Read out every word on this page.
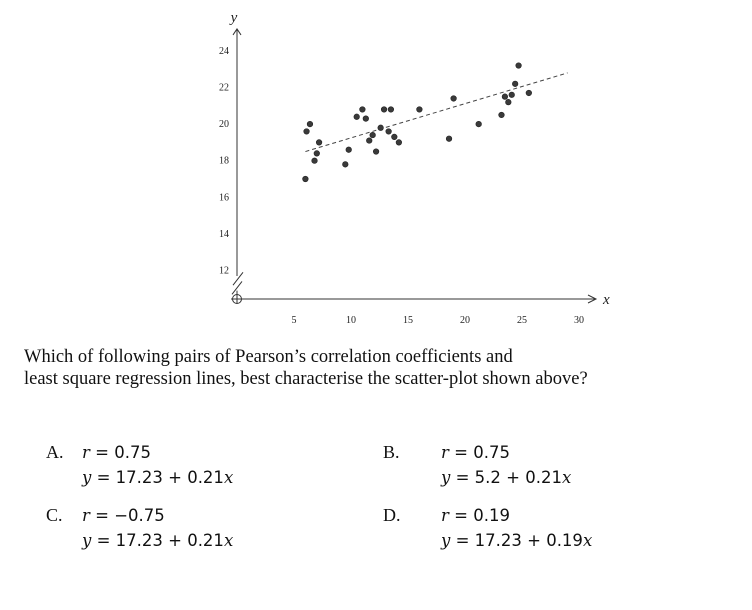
y
x
5	10	15	20	25	30
12
14
16
18
20
22
24

Which of following pairs of Pearson’s correlation coefficients and
least square regression lines, best characterise the scatter-plot shown above?

A. r = 0.75
y = 17.23 + 0.21x
B.	r = 0.75
y = 5.2 + 0.21x
C. r = −0.75
y = 17.23 + 0.21x
D. r = 0.19
y = 17.23 + 0.19x
